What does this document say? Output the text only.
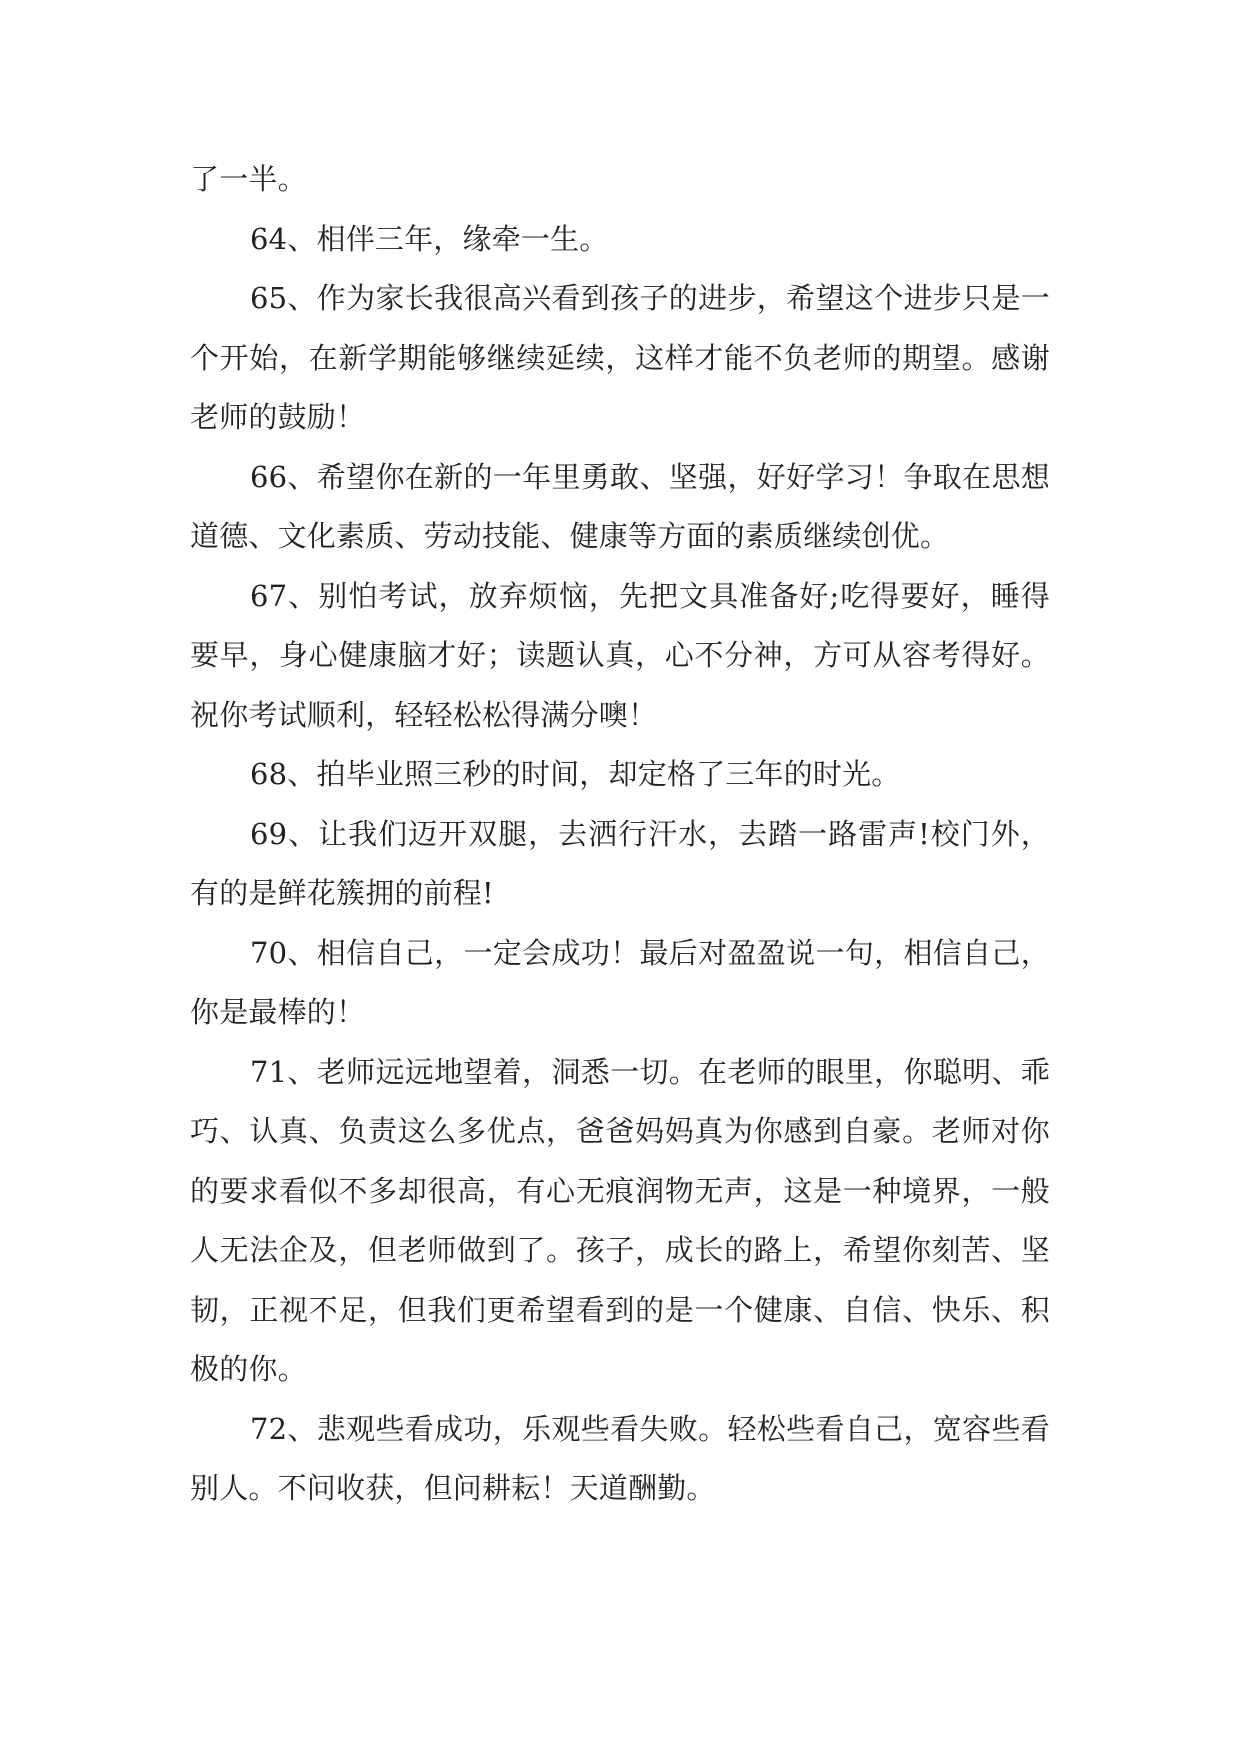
了一半。

64、相伴三年，缘牵一生。

65、作为家长我很高兴看到孩子的进步，希望这个进步只是一个开始，在新学期能够继续延续，这样才能不负老师的期望。感谢老师的鼓励！

66、希望你在新的一年里勇敢、坚强，好好学习！争取在思想道德、文化素质、劳动技能、健康等方面的素质继续创优。

67、别怕考试，放弃烦恼，先把文具准备好;吃得要好，睡得要早，身心健康脑才好；读题认真，心不分神，方可从容考得好。祝你考试顺利，轻轻松松得满分噢！

68、拍毕业照三秒的时间，却定格了三年的时光。

69、让我们迈开双腿，去洒行汗水，去踏一路雷声!校门外，有的是鲜花簇拥的前程!

70、相信自己，一定会成功！最后对盈盈说一句，相信自己，你是最棒的！

71、老师远远地望着，洞悉一切。在老师的眼里，你聪明、乖巧、认真、负责这么多优点，爸爸妈妈真为你感到自豪。老师对你的要求看似不多却很高，有心无痕润物无声，这是一种境界，一般人无法企及，但老师做到了。孩子，成长的路上，希望你刻苦、坚韧，正视不足，但我们更希望看到的是一个健康、自信、快乐、积极的你。

72、悲观些看成功，乐观些看失败。轻松些看自己，宽容些看别人。不问收获，但问耕耘！天道酬勤。
